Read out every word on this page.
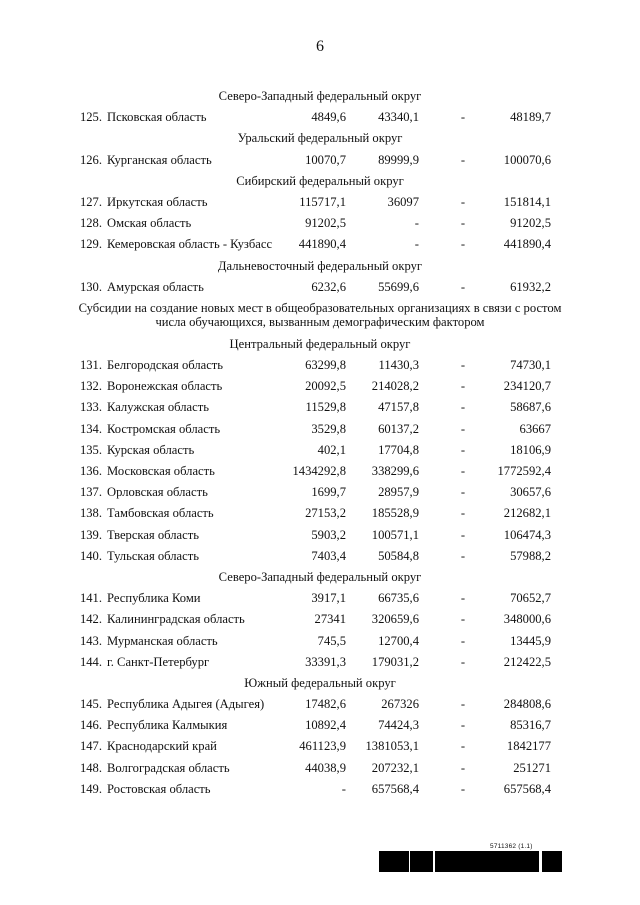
6
Северо-Западный федеральный округ
125. Псковская область	4849,6	43340,1	-	48189,7
Уральский федеральный округ
126. Курганская область	10070,7	89999,9	-	100070,6
Сибирский федеральный округ
127. Иркутская область	115717,1	36097	-	151814,1
128. Омская область	91202,5	-	-	91202,5
129. Кемеровская область - Кузбасс 441890,4	-	-	441890,4
Дальневосточный федеральный округ
130. Амурская область	6232,6	55699,6	-	61932,2
Субсидии на создание новых мест в общеобразовательных организациях в связи с ростом числа обучающихся, вызванным демографическим фактором
Центральный федеральный округ
131. Белгородская область	63299,8	11430,3	-	74730,1
132. Воронежская область	20092,5 214028,2	-	234120,7
133. Калужская область	11529,8	47157,8	-	58687,6
134. Костромская область	3529,8	60137,2	-	63667
135. Курская область	402,1	17704,8	-	18106,9
136. Московская область	1434292,8 338299,6	-	1772592,4
137. Орловская область	1699,7	28957,9	-	30657,6
138. Тамбовская область	27153,2 185528,9	-	212682,1
139. Тверская область	5903,2 100571,1	-	106474,3
140. Тульская область	7403,4	50584,8	-	57988,2
Северо-Западный федеральный округ
141. Республика Коми	3917,1	66735,6	-	70652,7
142. Калининградская область	27341 320659,6	-	348000,6
143. Мурманская область	745,5	12700,4	-	13445,9
144. г. Санкт-Петербург	33391,3 179031,2	-	212422,5
Южный федеральный округ
145. Республика Адыгея (Адыгея)	17482,6	267326	-	284808,6
146. Республика Калмыкия	10892,4	74424,3	-	85316,7
147. Краснодарский край	461123,9 1381053,1	-	1842177
148. Волгоградская область	44038,9 207232,1	-	251271
149. Ростовская область	- 657568,4	-	657568,4
5711362 (1.1)
